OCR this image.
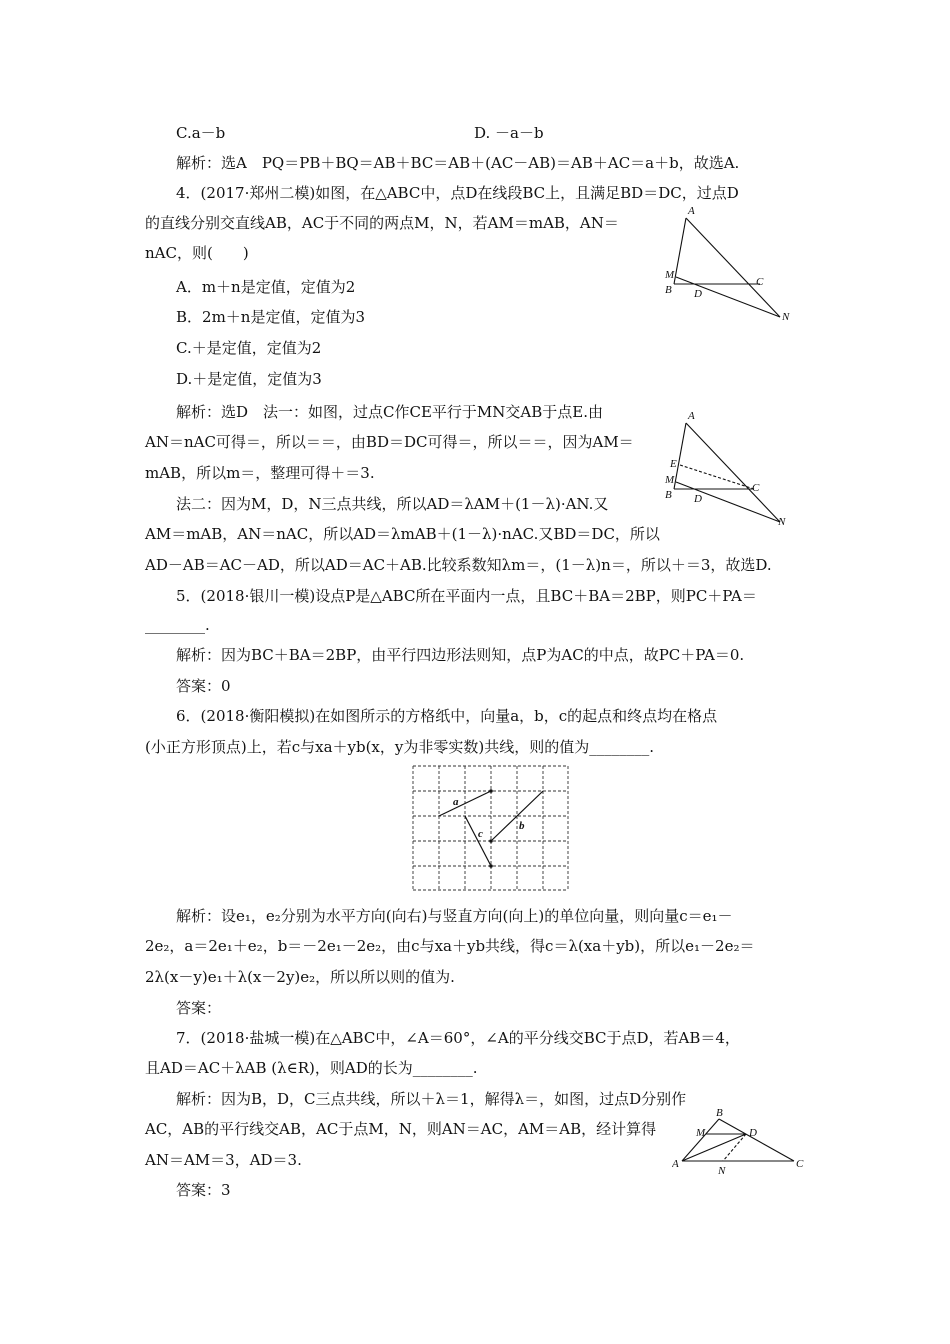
C.a－b	D. －a－b
解析：选A　PQ＝PB＋BQ＝AB＋BC＝AB＋(AC－AB)＝AB＋AC＝a＋b，故选A.
4．(2017·郑州二模)如图，在△ABC中，点D在线段BC上，且满足BD＝DC，过点D
的直线分别交直线AB，AC于不同的两点M，N，若AM＝mAB，AN＝
nAC，则(　　)
A．m＋n是定值，定值为2
B．2m＋n是定值，定值为3
C.＋是定值，定值为2
D.＋是定值，定值为3
解析：选D　法一：如图，过点C作CE平行于MN交AB于点E.由
AN＝nAC可得＝，所以＝＝，由BD＝DC可得＝，所以＝＝，因为AM＝
mAB，所以m＝，整理可得＋＝3.
法二：因为M，D，N三点共线，所以AD＝λAM＋(1－λ)·AN.又
AM＝mAB，AN＝nAC，所以AD＝λmAB＋(1－λ)·nAC.又BD＝DC，所以
AD－AB＝AC－AD，所以AD＝AC＋AB.比较系数知λm＝，(1－λ)n＝，所以＋＝3，故选D.
5．(2018·银川一模)设点P是△ABC所在平面内一点，且BC＋BA＝2BP，则PC＋PA＝
________.
解析：因为BC＋BA＝2BP，由平行四边形法则知，点P为AC的中点，故PC＋PA＝0.
答案：0
6．(2018·衡阳模拟)在如图所示的方格纸中，向量a，b，c的起点和终点均在格点
(小正方形顶点)上，若c与xa＋yb(x，y为非零实数)共线，则的值为________.
解析：设e₁，e₂分别为水平方向(向右)与竖直方向(向上)的单位向量，则向量c＝e₁－
2e₂，a＝2e₁＋e₂，b＝－2e₁－2e₂，由c与xa＋yb共线，得c＝λ(xa＋yb)，所以e₁－2e₂＝
2λ(x－y)e₁＋λ(x－2y)e₂，所以所以则的值为.
答案：
7．(2018·盐城一模)在△ABC中，∠A＝60°，∠A的平分线交BC于点D，若AB＝4，
且AD＝AC＋λAB (λ∈R)，则AD的长为________.
解析：因为B，D，C三点共线，所以＋λ＝1，解得λ＝，如图，过点D分别作
AC，AB的平行线交AB，AC于点M，N，则AN＝AC，AM＝AB，经计算得
AN＝AM＝3，AD＝3.
答案：3
A
M
B D
C
N
A
E
M
B D
C
N
a
c
b
B
M	D
A
N
C
